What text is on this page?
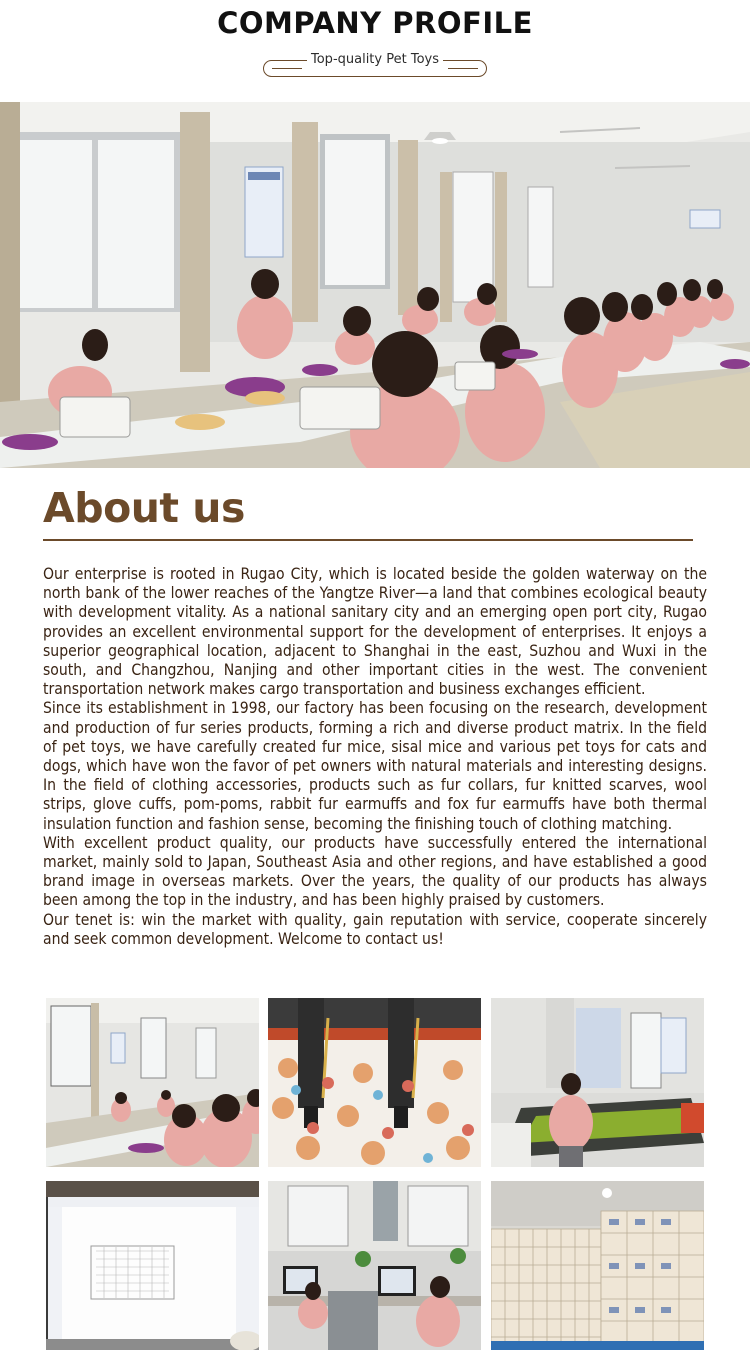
COMPANY PROFILE
Top-quality Pet Toys
About us

Our enterprise is rooted in Rugao City, which is located beside the golden waterway on the north bank of the lower reaches of the Yangtze River—a land that combines ecological beauty with development vitality. As a national sanitary city and an emerging open port city, Rugao provides an excellent environmental support for the development of enterprises. It enjoys a superior geographical location, adjacent to Shanghai in the east, Suzhou and Wuxi in the south, and Changzhou, Nanjing and other important cities in the west. The convenient transportation network makes cargo transportation and business exchanges efficient.

Since its establishment in 1998, our factory has been focusing on the research, development and production of fur series products, forming a rich and diverse product matrix. In the field of pet toys, we have carefully created fur mice, sisal mice and various pet toys for cats and dogs, which have won the favor of pet owners with natural materials and interesting designs. In the field of clothing accessories, products such as fur collars, fur knitted scarves, wool strips, glove cuffs, pom-poms, rabbit fur earmuffs and fox fur earmuffs have both thermal insulation function and fashion sense, becoming the finishing touch of clothing matching.

With excellent product quality, our products have successfully entered the international market, mainly sold to Japan, Southeast Asia and other regions, and have established a good brand image in overseas markets. Over the years, the quality of our products has always been among the top in the industry, and has been highly praised by customers.

Our tenet is: win the market with quality, gain reputation with service, cooperate sincerely and seek common development. Welcome to contact us!
